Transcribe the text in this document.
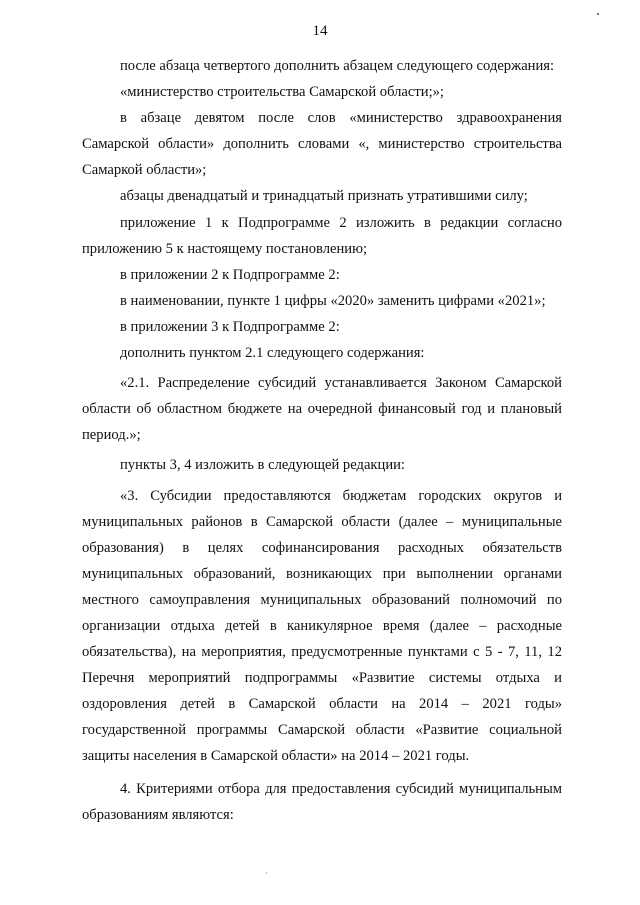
14

после абзаца четвертого дополнить абзацем следующего содержания:

«министерство строительства Самарской области;»;

в абзаце девятом после слов «министерство здравоохранения Самарской области» дополнить словами «, министерство строительства Самаркой области»;

абзацы двенадцатый и тринадцатый признать утратившими силу;

приложение 1 к Подпрограмме 2 изложить в редакции согласно приложению 5 к настоящему постановлению;

в приложении 2 к Подпрограмме 2:

в наименовании, пункте 1 цифры «2020» заменить цифрами «2021»;

в приложении 3 к Подпрограмме 2:

дополнить пунктом 2.1 следующего содержания:

«2.1. Распределение субсидий устанавливается Законом Самарской области об областном бюджете на очередной финансовый год и плановый период.»;

пункты 3, 4 изложить в следующей редакции:

«3. Субсидии предоставляются бюджетам городских округов и муниципальных районов в Самарской области (далее – муниципальные образования) в целях софинансирования расходных обязательств муниципальных образований, возникающих при выполнении органами местного самоуправления муниципальных образований полномочий по организации отдыха детей в каникулярное время (далее – расходные обязательства), на мероприятия, предусмотренные пунктами с 5 - 7, 11, 12 Перечня мероприятий подпрограммы «Развитие системы отдыха и оздоровления детей в Самарской области на 2014 – 2021 годы» государственной программы Самарской области «Развитие социальной защиты населения в Самарской области» на 2014 – 2021 годы.

4. Критериями отбора для предоставления субсидий муниципальным образованиям являются:
